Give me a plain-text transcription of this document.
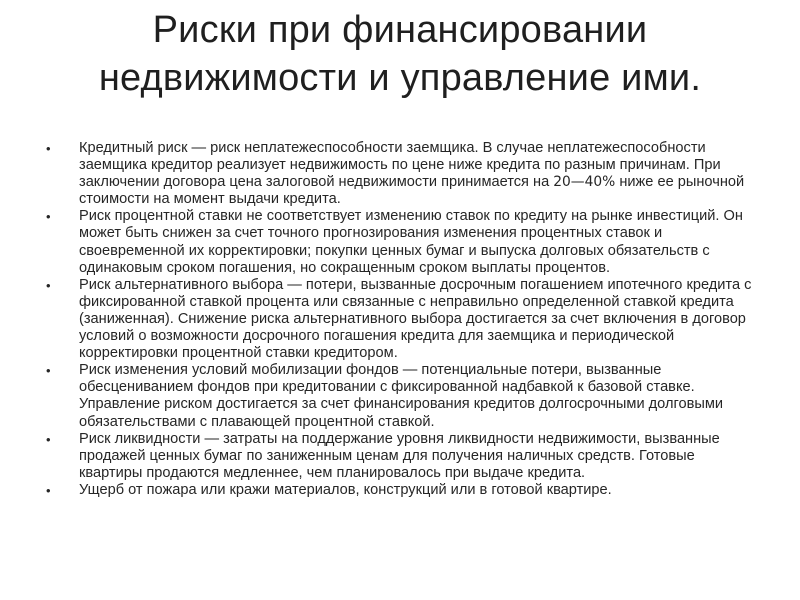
Риски при финансировании недвижимости и управление ими.
•	Кредитный риск — риск неплатежеспособности заемщика. В случае неплатежеспособности заемщика кредитор реализует недвижимость по цене ниже кредита по разным причинам. При заключении договора цена залоговой недвижимости принимается на 20—40% ниже ее рыночной стоимости на момент выдачи кредита.
•	Риск процентной ставки не соответствует изменению ставок по кредиту на рынке инвестиций. Он может быть снижен за счет точного прогнозирования изменения процентных ставок и своевременной их корректировки; покупки ценных бумаг и выпуска долговых обязательств с одинаковым сроком погашения, но сокращенным сроком выплаты процентов.
•	Риск альтернативного выбора — потери, вызванные досрочным погашением ипотечного кредита с фиксированной ставкой процента или связанные с неправильно определенной ставкой кредита (заниженная). Снижение риска альтернативного выбора достигается за счет включения в договор условий о возможности досрочного погашения кредита для заемщика и периодической корректировки процентной ставки кредитором.
•	Риск изменения условий мобилизации фондов — потенциальные потери, вызванные обесцениванием фондов при кредитовании с фиксированной надбавкой к базовой ставке. Управление риском достигается за счет финансирования кредитов долгосрочными долговыми обязательствами с плавающей процентной ставкой.
•	Риск ликвидности — затраты на поддержание уровня ликвидности недвижимости, вызванные продажей ценных бумаг по заниженным ценам для получения наличных средств. Готовые квартиры продаются медленнее, чем планировалось при выдаче кредита.
•	Ущерб от пожара или кражи материалов, конструкций или в готовой квартире.
